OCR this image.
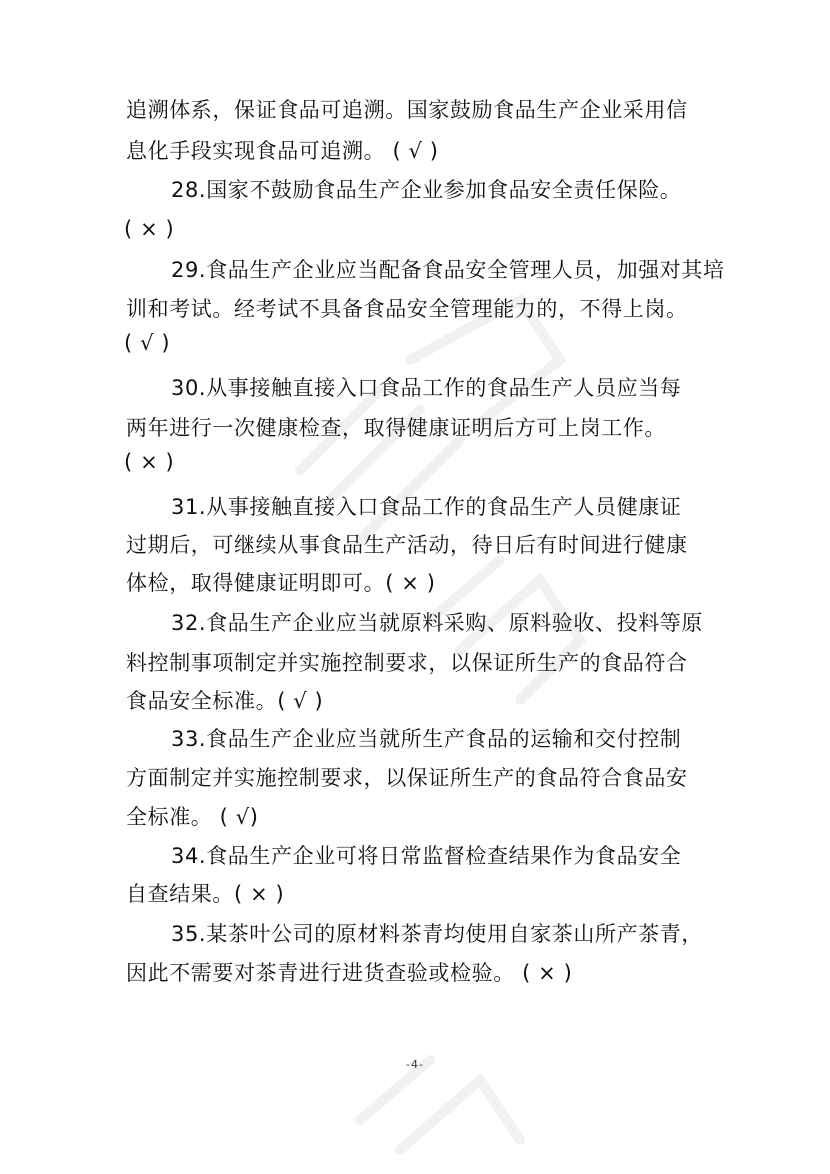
追溯体系，保证食品可追溯。国家鼓励食品生产企业采用信
息化手段实现食品可追溯。 ( √ )
28.国家不鼓励食品生产企业参加食品安全责任保险。
( × )
29.食品生产企业应当配备食品安全管理人员，加强对其培
训和考试。经考试不具备食品安全管理能力的，不得上岗。
( √ )
30.从事接触直接入口食品工作的食品生产人员应当每
两年进行一次健康检查，取得健康证明后方可上岗工作。
( × )
31.从事接触直接入口食品工作的食品生产人员健康证
过期后，可继续从事食品生产活动，待日后有时间进行健康
体检，取得健康证明即可。( × )
32.食品生产企业应当就原料采购、原料验收、投料等原
料控制事项制定并实施控制要求，以保证所生产的食品符合
食品安全标准。( √ )
33.食品生产企业应当就所生产食品的运输和交付控制
方面制定并实施控制要求，以保证所生产的食品符合食品安
全标准。 ( √)
34.食品生产企业可将日常监督检查结果作为食品安全
自查结果。( × )
35.某茶叶公司的原材料茶青均使用自家茶山所产茶青，
因此不需要对茶青进行进货查验或检验。 ( × )
-4-
